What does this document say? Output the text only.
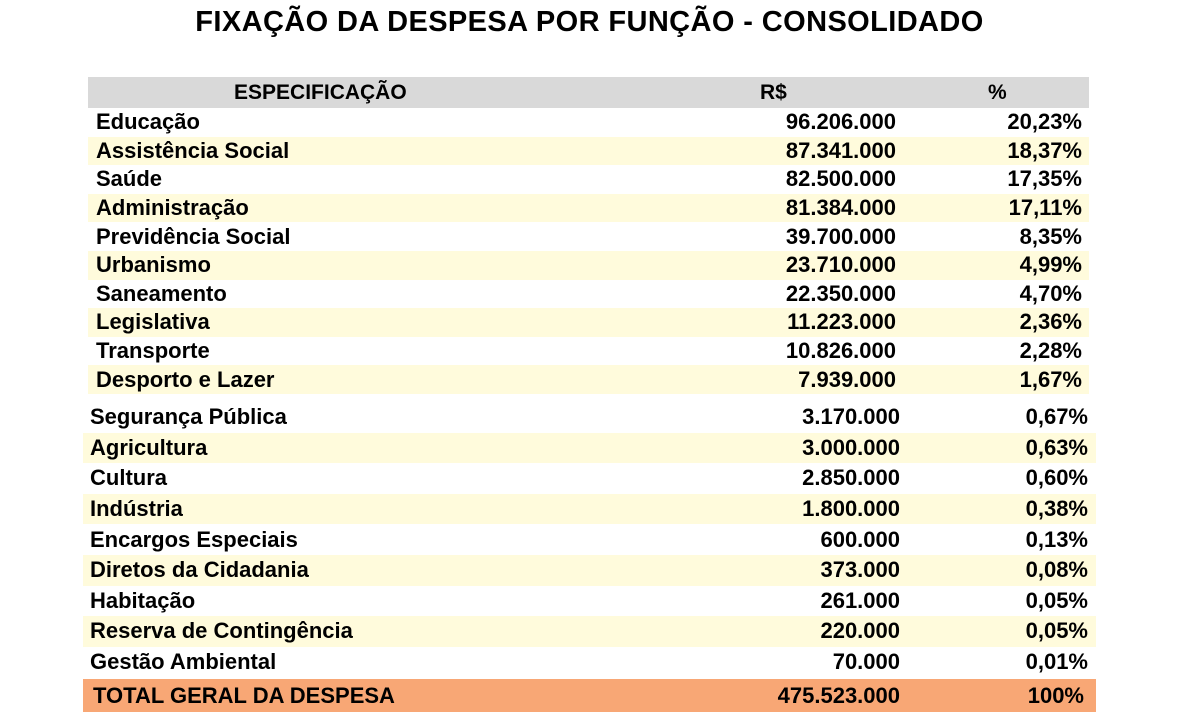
FIXAÇÃO DA DESPESA POR FUNÇÃO - CONSOLIDADO
ESPECIFICAÇÃO	R$	%
Educação	96.206.000	20,23%
Assistência Social	87.341.000	18,37%
Saúde	82.500.000	17,35%
Administração	81.384.000	17,11%
Previdência Social	39.700.000	8,35%
Urbanismo	23.710.000	4,99%
Saneamento	22.350.000	4,70%
Legislativa	11.223.000	2,36%
Transporte	10.826.000	2,28%
Desporto e Lazer	7.939.000	1,67%
Segurança Pública	3.170.000	0,67%
Agricultura	3.000.000	0,63%
Cultura	2.850.000	0,60%
Indústria	1.800.000	0,38%
Encargos Especiais	600.000	0,13%
Diretos da Cidadania	373.000	0,08%
Habitação	261.000	0,05%
Reserva de Contingência	220.000	0,05%
Gestão Ambiental	70.000	0,01%
TOTAL GERAL DA DESPESA	475.523.000	100%
